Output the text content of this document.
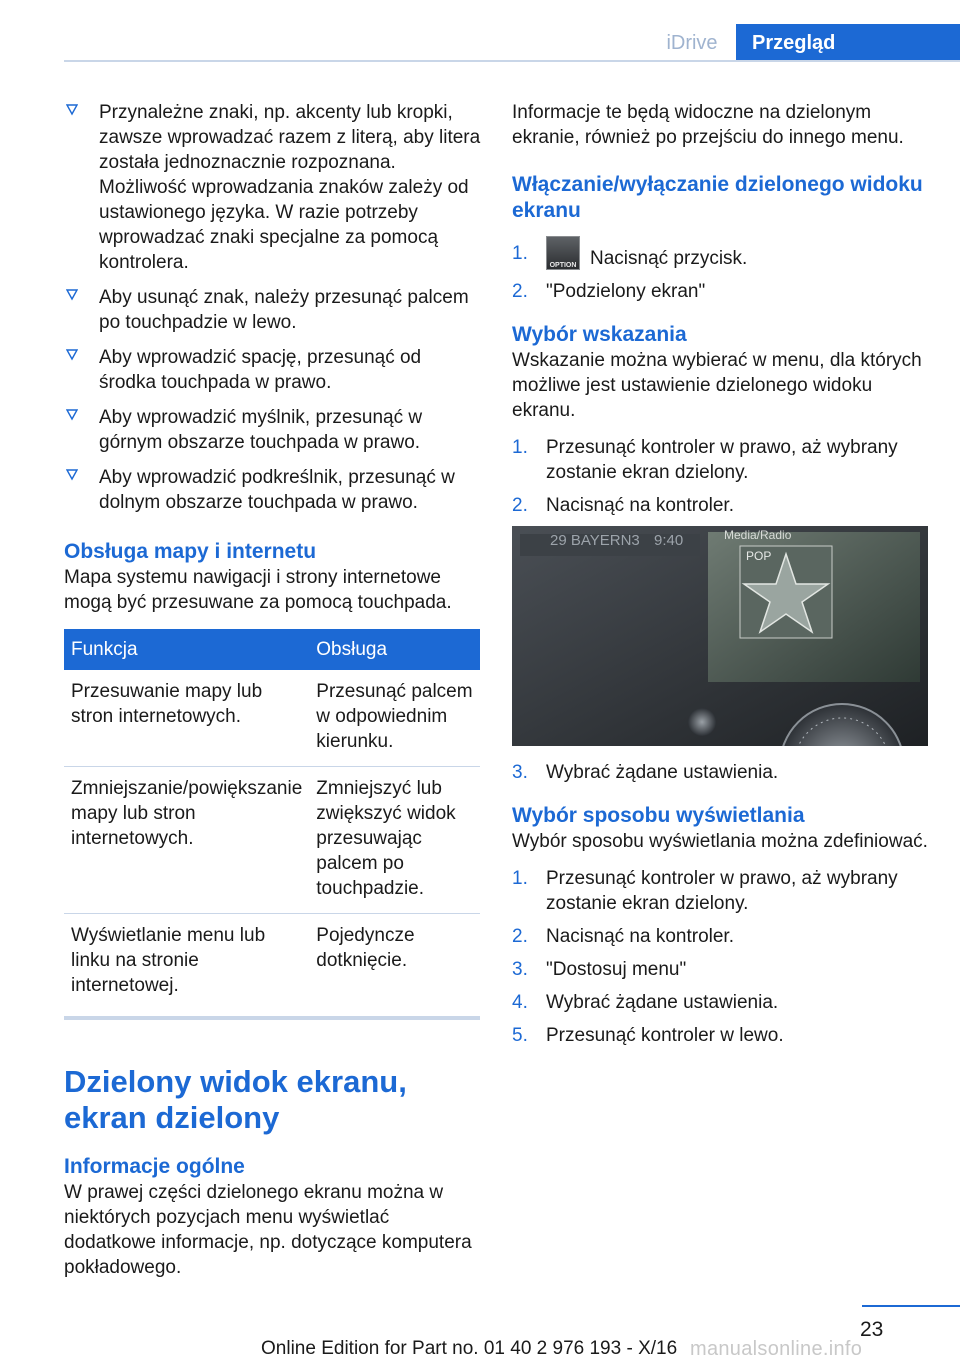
iDrive	Przegląd
Przynależne znaki, np. akcenty lub kropki, zawsze wprowadzać razem z literą, aby litera została jednoznacznie rozpoznana. Możliwość wprowadzania znaków zależy od ustawionego języka. W razie potrzeby wprowadzać znaki specjalne za pomocą kontrolera.
Aby usunąć znak, należy przesunąć palcem po touchpadzie w lewo.
Aby wprowadzić spację, przesunąć od środka touchpada w prawo.
Aby wprowadzić myślnik, przesunąć w górnym obszarze touchpada w prawo.
Aby wprowadzić podkreślnik, przesunąć w dolnym obszarze touchpada w prawo.
Obsługa mapy i internetu

Mapa systemu nawigacji i strony internetowe mogą być przesuwane za pomocą touchpada.

Funkcja	Obsługa
Przesuwanie mapy lub stron internetowych.	Przesunąć palcem w odpowiednim kierunku.
Zmniejszanie/powiększanie mapy lub stron internetowych.	Zmniejszyć lub zwiększyć widok przesuwając palcem po touchpadzie.
Wyświetlanie menu lub linku na stronie internetowej.	Pojedyncze dotknięcie.
Dzielony widok ekranu, ekran dzielony
Informacje ogólne

W prawej części dzielonego ekranu można w niektórych pozycjach menu wyświetlać dodatkowe informacje, np. dotyczące komputera pokładowego.

Informacje te będą widoczne na dzielonym ekranie, również po przejściu do innego menu.

Włączanie/wyłączanie dzielonego widoku ekranu
1.
OPTION Nacisnąć przycisk.
2. "Podzielony ekran"
Wybór wskazania

Wskazanie można wybierać w menu, dla których możliwe jest ustawienie dzielonego widoku ekranu.

1. Przesunąć kontroler w prawo, aż wybrany zostanie ekran dzielony.
2. Nacisnąć na kontroler.
29 BAYERN3 9:40	Media/Radio
POP
3. Wybrać żądane ustawienia.
Wybór sposobu wyświetlania

Wybór sposobu wyświetlania można zdefiniować.

1. Przesunąć kontroler w prawo, aż wybrany zostanie ekran dzielony.
2. Nacisnąć na kontroler.
3. "Dostosuj menu"
4. Wybrać żądane ustawienia.
5. Przesunąć kontroler w lewo.
23
Online Edition for Part no. 01 40 2 976 193 - X/16 manualsonline.info
